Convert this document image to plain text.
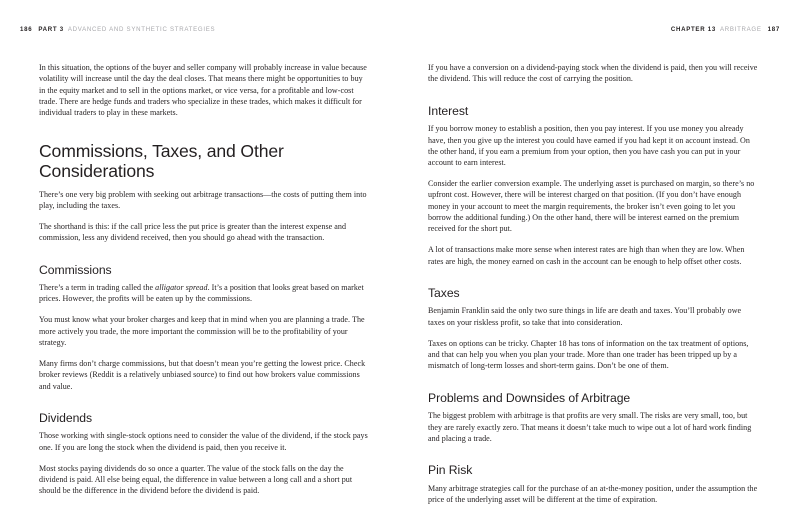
186 PART 3 ADVANCED AND SYNTHETIC STRATEGIES

In this situation, the options of the buyer and seller company will probably increase in value because volatility will increase until the day the deal closes. That means there might be opportunities to buy in the equity market and to sell in the options market, or vice versa, for a profitable and low-cost trade. There are hedge funds and traders who specialize in these trades, which makes it difficult for individual traders to play in these markets.

Commissions, Taxes, and Other Considerations

There’s one very big problem with seeking out arbitrage transactions—the costs of putting them into play, including the taxes.

The shorthand is this: if the call price less the put price is greater than the interest expense and commission, less any dividend received, then you should go ahead with the transaction.

Commissions

There’s a term in trading called the alligator spread. It’s a position that looks great based on market prices. However, the profits will be eaten up by the commissions.

You must know what your broker charges and keep that in mind when you are planning a trade. The more actively you trade, the more important the commission will be to the profitability of your strategy.

Many firms don’t charge commissions, but that doesn’t mean you’re getting the lowest price. Check broker reviews (Reddit is a relatively unbiased source) to find out how brokers value commissions and value.

Dividends

Those working with single-stock options need to consider the value of the dividend, if the stock pays one. If you are long the stock when the dividend is paid, then you receive it.

Most stocks paying dividends do so once a quarter. The value of the stock falls on the day the dividend is paid. All else being equal, the difference in value between a long call and a short put should be the difference in the dividend before the dividend is paid.

CHAPTER 13 ARBITRAGE 187

If you have a conversion on a dividend-paying stock when the dividend is paid, then you will receive the dividend. This will reduce the cost of carrying the position.

Interest

If you borrow money to establish a position, then you pay interest. If you use money you already have, then you give up the interest you could have earned if you had kept it on account instead. On the other hand, if you earn a premium from your option, then you have cash you can put in your account to earn interest.

Consider the earlier conversion example. The underlying asset is purchased on margin, so there’s no upfront cost. However, there will be interest charged on that position. (If you don’t have enough money in your account to meet the margin requirements, the broker isn’t even going to let you borrow the additional funding.) On the other hand, there will be interest earned on the premium received for the short put.

A lot of transactions make more sense when interest rates are high than when they are low. When rates are high, the money earned on cash in the account can be enough to help offset other costs.

Taxes

Benjamin Franklin said the only two sure things in life are death and taxes. You’ll probably owe taxes on your riskless profit, so take that into consideration.

Taxes on options can be tricky. Chapter 18 has tons of information on the tax treatment of options, and that can help you when you plan your trade. More than one trader has been tripped up by a mismatch of long-term losses and short-term gains. Don’t be one of them.

Problems and Downsides of Arbitrage

The biggest problem with arbitrage is that profits are very small. The risks are very small, too, but they are rarely exactly zero. That means it doesn’t take much to wipe out a lot of hard work finding and placing a trade.

Pin Risk

Many arbitrage strategies call for the purchase of an at-the-money position, under the assumption the price of the underlying asset will be different at the time of expiration.
